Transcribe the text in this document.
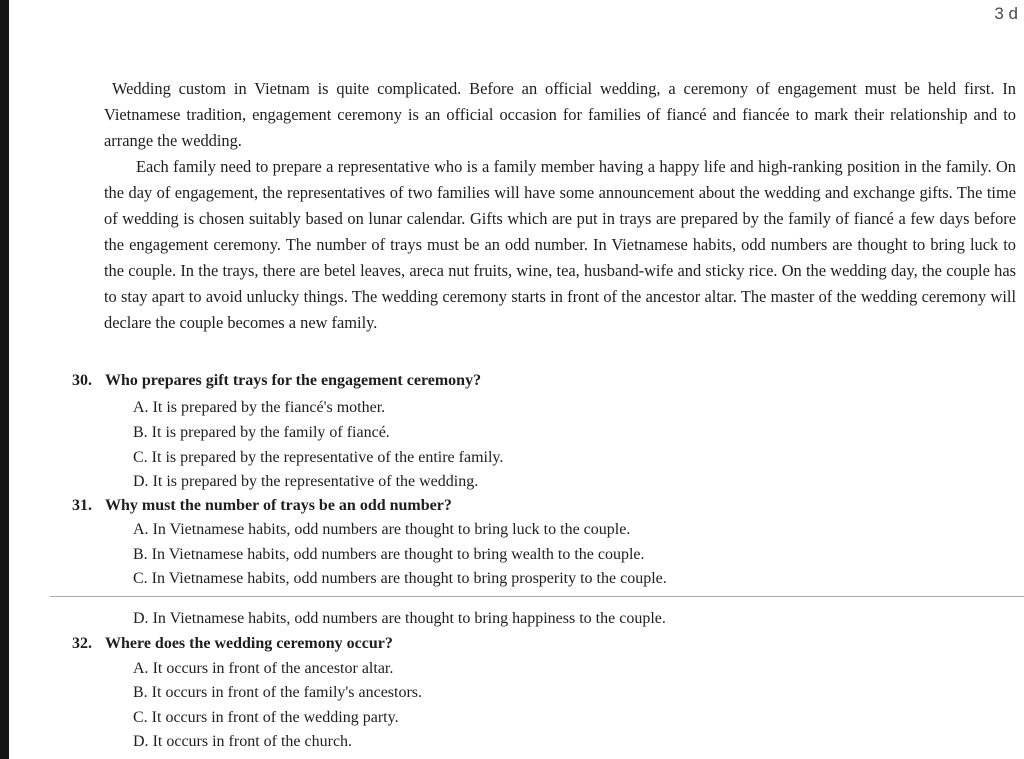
3 d

Wedding custom in Vietnam is quite complicated. Before an official wedding, a ceremony of engagement must be held first. In Vietnamese tradition, engagement ceremony is an official occasion for families of fiancé and fiancée to mark their relationship and to arrange the wedding.

Each family need to prepare a representative who is a family member having a happy life and high-ranking position in the family. On the day of engagement, the representatives of two families will have some announcement about the wedding and exchange gifts. The time of wedding is chosen suitably based on lunar calendar. Gifts which are put in trays are prepared by the family of fiancé a few days before the engagement ceremony. The number of trays must be an odd number. In Vietnamese habits, odd numbers are thought to bring luck to the couple. In the trays, there are betel leaves, areca nut fruits, wine, tea, husband-wife and sticky rice. On the wedding day, the couple has to stay apart to avoid unlucky things. The wedding ceremony starts in front of the ancestor altar. The master of the wedding ceremony will declare the couple becomes a new family.

30. Who prepares gift trays for the engagement ceremony?
A. It is prepared by the fiancé's mother.
B. It is prepared by the family of fiancé.
C. It is prepared by the representative of the entire family.
D. It is prepared by the representative of the wedding.
31. Why must the number of trays be an odd number?
A. In Vietnamese habits, odd numbers are thought to bring luck to the couple.
B. In Vietnamese habits, odd numbers are thought to bring wealth to the couple.
C. In Vietnamese habits, odd numbers are thought to bring prosperity to the couple.
D. In Vietnamese habits, odd numbers are thought to bring happiness to the couple.
32. Where does the wedding ceremony occur?
A. It occurs in front of the ancestor altar.
B. It occurs in front of the family's ancestors.
C. It occurs in front of the wedding party.
D. It occurs in front of the church.
